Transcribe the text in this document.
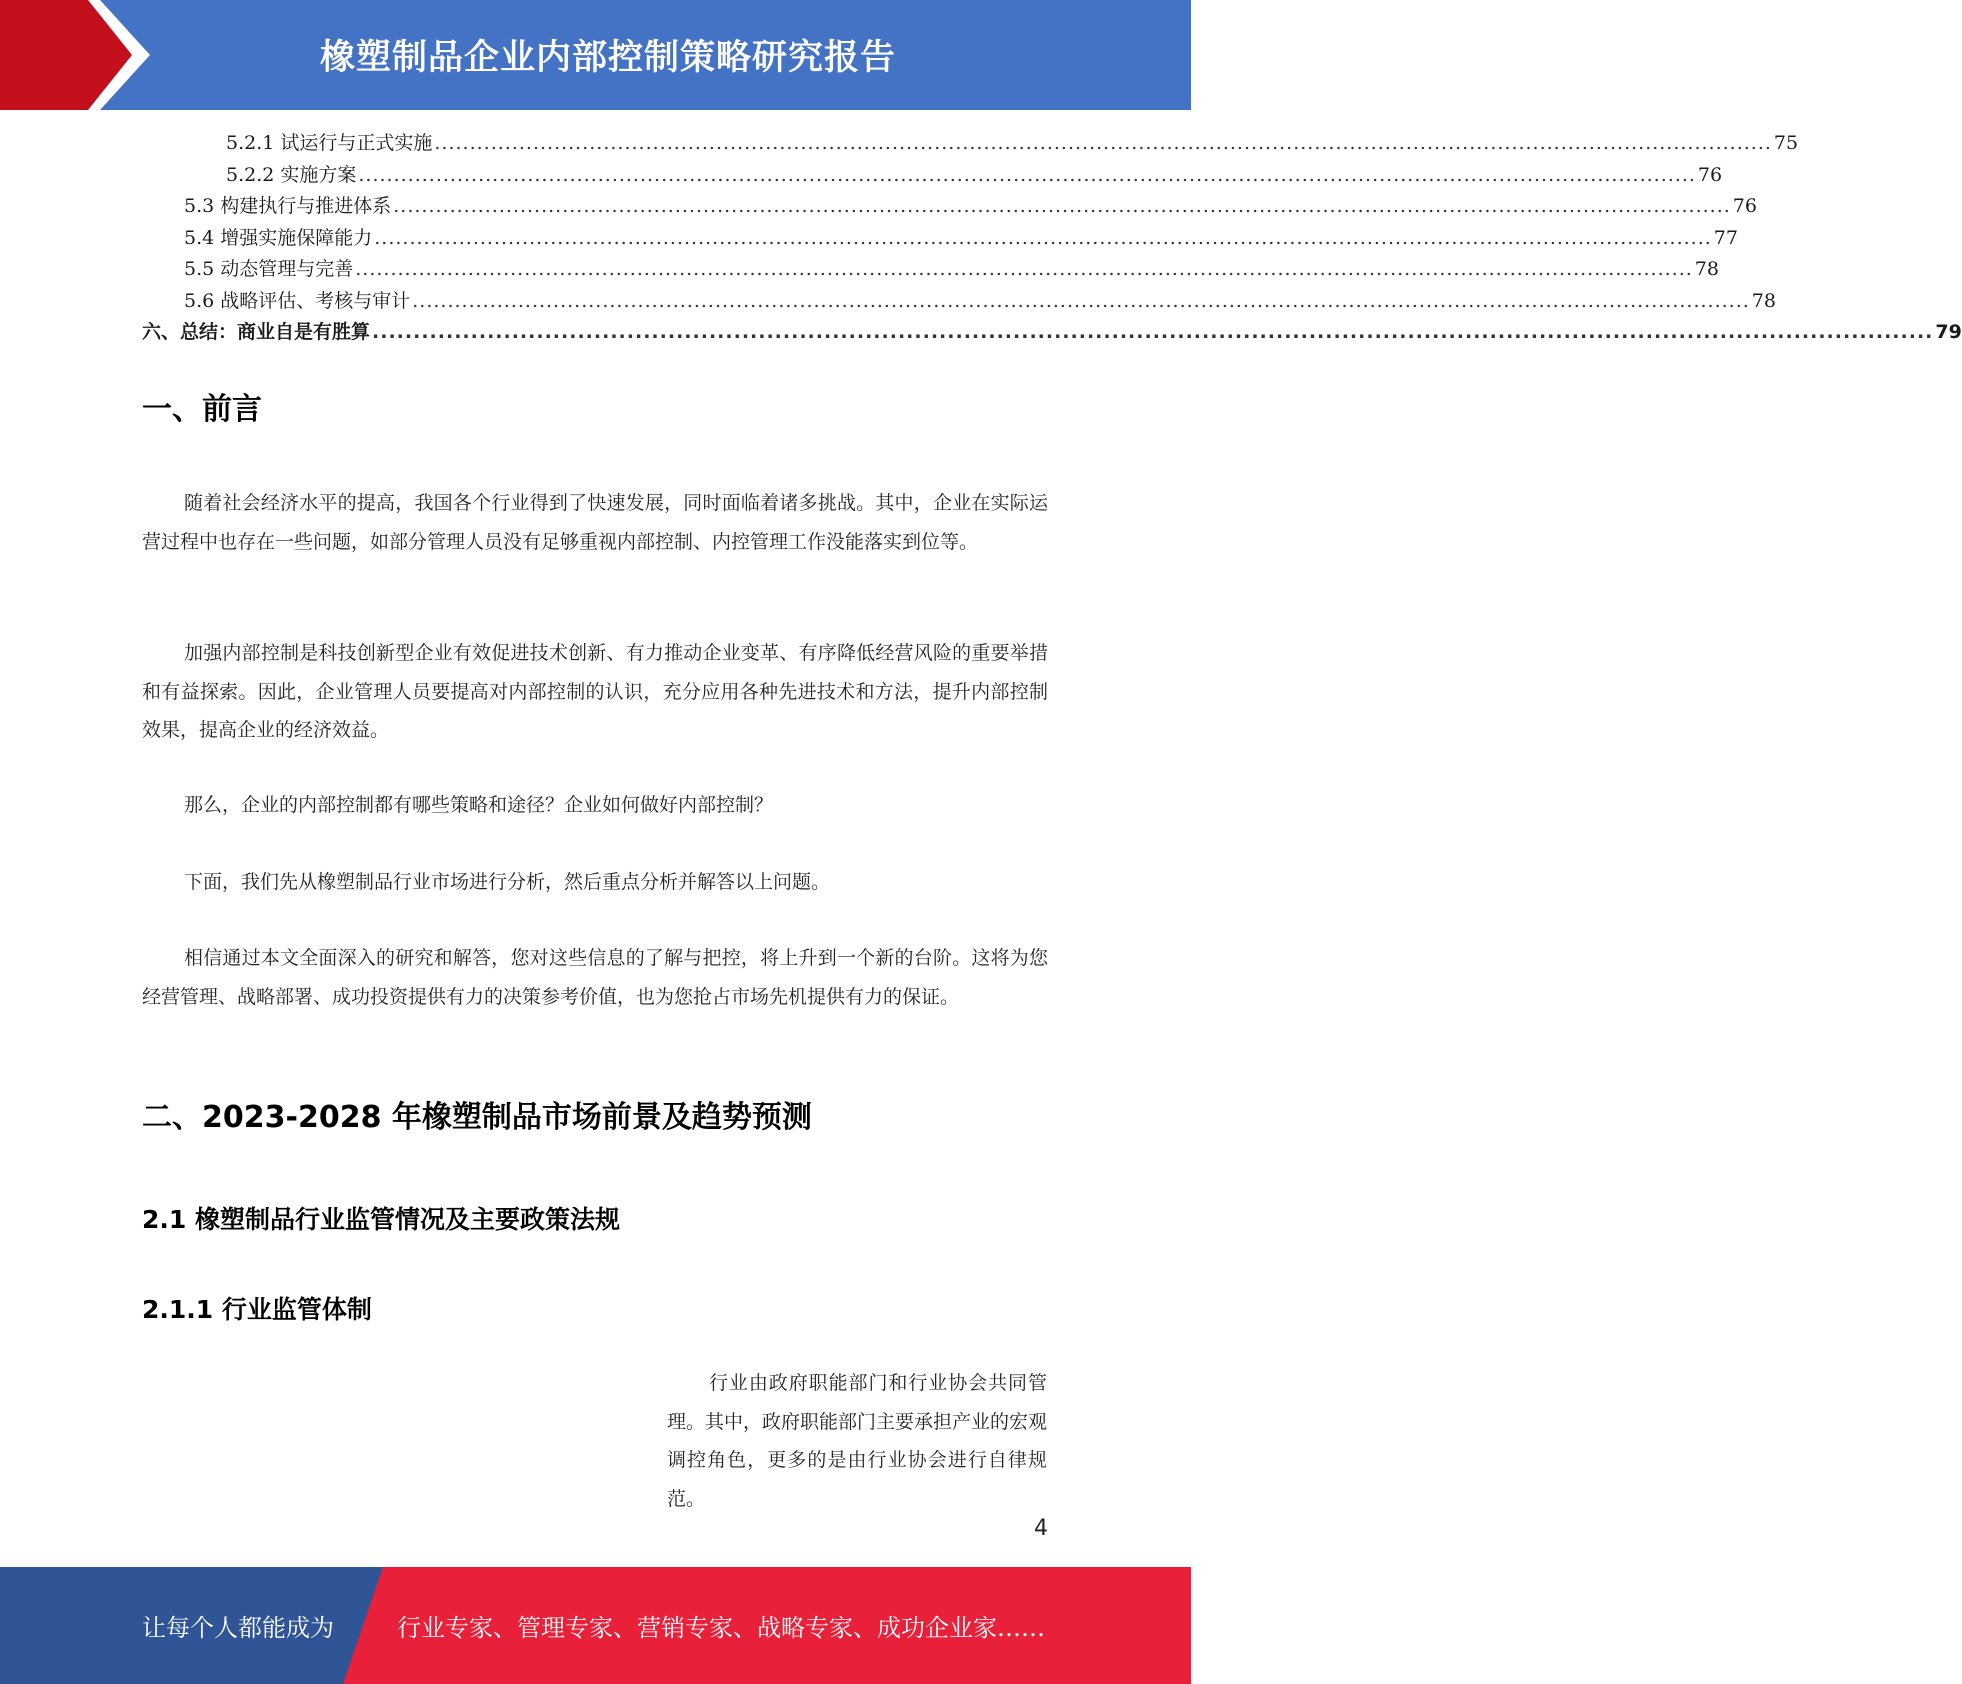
橡塑制品企业内部控制策略研究报告
5.2.1 试运行与正式实施 .............................................................................................................................................................................................. 75
5.2.2 实施方案 .............................................................................................................................................................................................. 76
5.3 构建执行与推进体系 .............................................................................................................................................................................................. 76
5.4 增强实施保障能力 .............................................................................................................................................................................................. 77
5.5 动态管理与完善 .............................................................................................................................................................................................. 78
5.6 战略评估、考核与审计 .............................................................................................................................................................................................. 78
六、总结：商业自是有胜算 .............................................................................................................................................................................................. 79
一、前言

随着社会经济水平的提高，我国各个行业得到了快速发展，同时面临着诸多挑战。其中，企业在实际运营过程中也存在一些问题，如部分管理人员没有足够重视内部控制、内控管理工作没能落实到位等。

加强内部控制是科技创新型企业有效促进技术创新、有力推动企业变革、有序降低经营风险的重要举措和有益探索。因此，企业管理人员要提高对内部控制的认识，充分应用各种先进技术和方法，提升内部控制效果，提高企业的经济效益。

那么，企业的内部控制都有哪些策略和途径？企业如何做好内部控制？

下面，我们先从橡塑制品行业市场进行分析，然后重点分析并解答以上问题。

相信通过本文全面深入的研究和解答，您对这些信息的了解与把控，将上升到一个新的台阶。这将为您经营管理、战略部署、成功投资提供有力的决策参考价值，也为您抢占市场先机提供有力的保证。

二、2023-2028 年橡塑制品市场前景及趋势预测
2.1 橡塑制品行业监管情况及主要政策法规
2.1.1 行业监管体制

行业由政府职能部门和行业协会共同管理。其中，政府职能部门主要承担产业的宏观调控角色，更多的是由行业协会进行自律规范。

4
让每个人都能成为	行业专家、管理专家、营销专家、战略专家、成功企业家……
